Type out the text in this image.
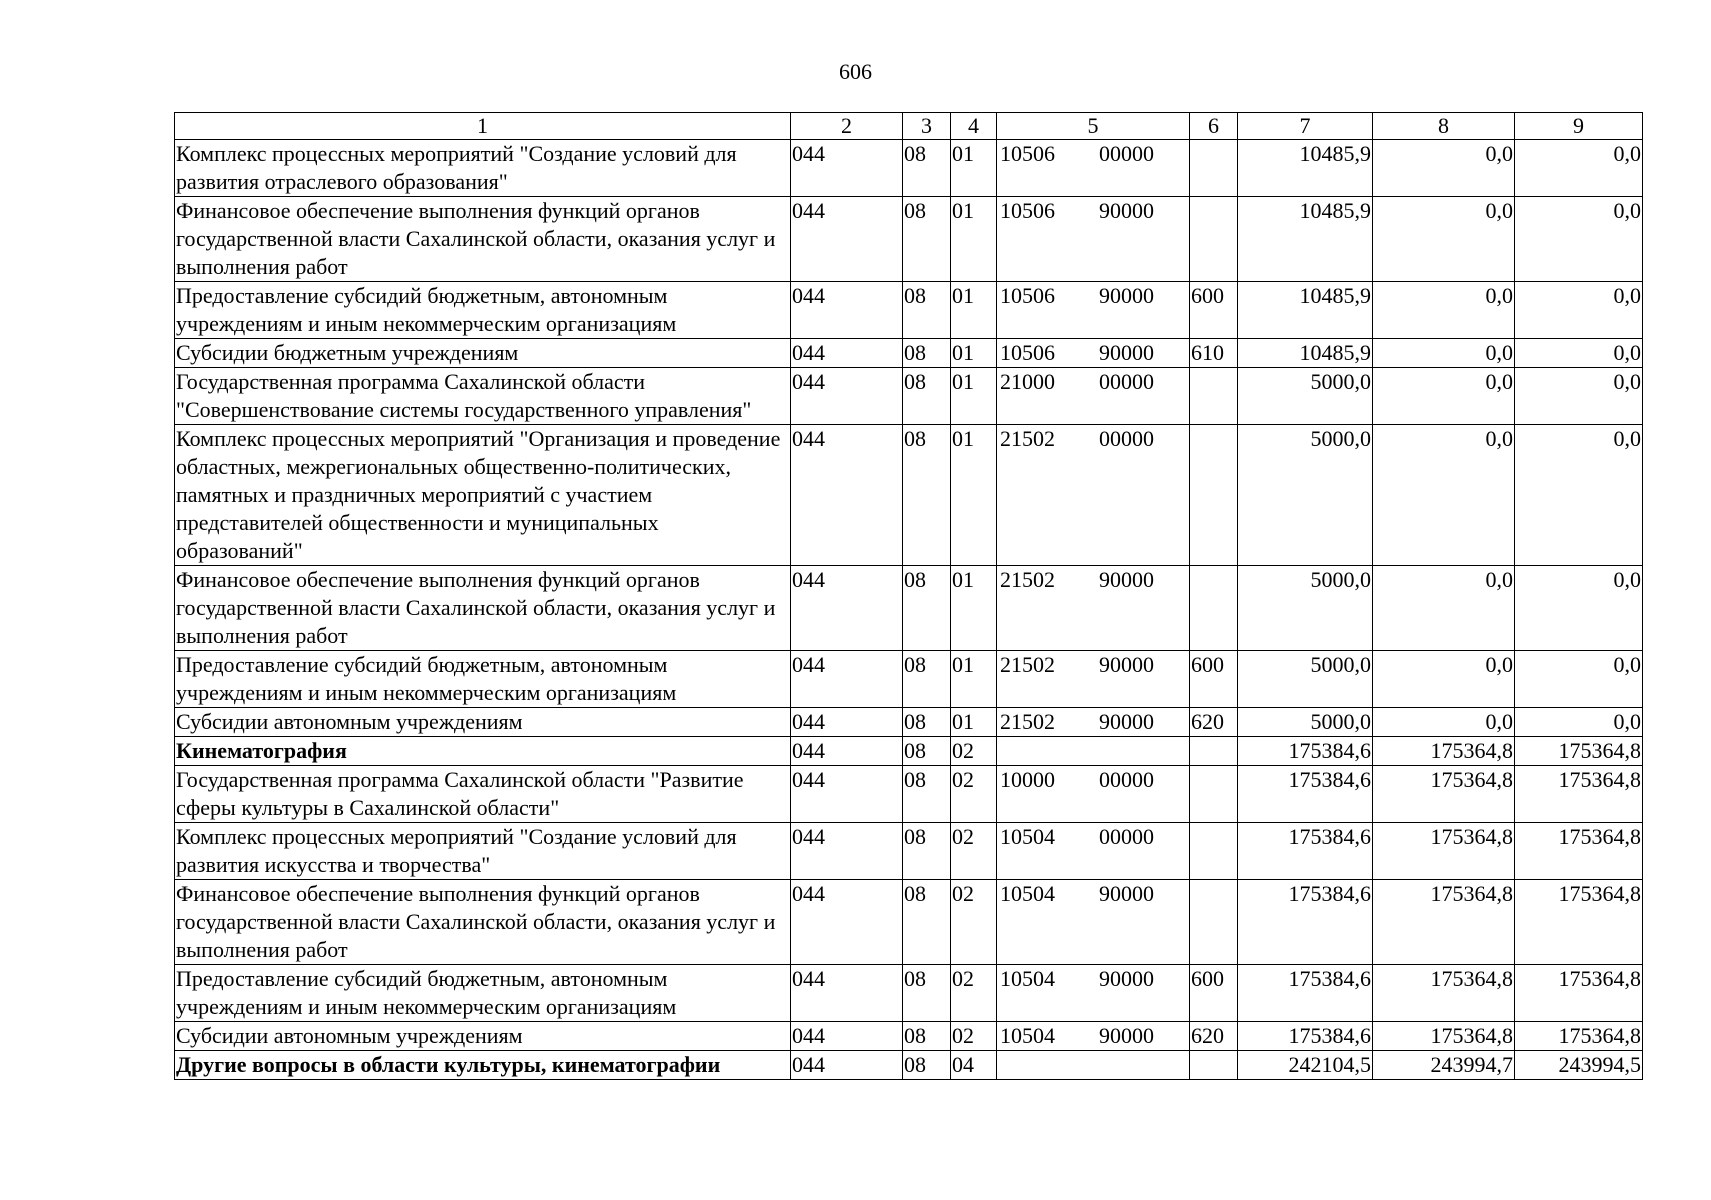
606
1	2	3	4	5	6	7	8	9
Комплекс процессных мероприятий "Создание условий для развития отраслевого образования"	044	08	01	10506 00000		10485,9	0,0	0,0
Финансовое обеспечение выполнения функций органов государственной власти Сахалинской области, оказания услуг и выполнения работ	044	08	01	10506 90000		10485,9	0,0	0,0
Предоставление субсидий бюджетным, автономным учреждениям и иным некоммерческим организациям	044	08	01	10506 90000	600	10485,9	0,0	0,0
Субсидии бюджетным учреждениям	044	08	01	10506 90000	610	10485,9	0,0	0,0
Государственная программа Сахалинской области "Совершенствование системы государственного управления"	044	08	01	21000 00000		5000,0	0,0	0,0
Комплекс процессных мероприятий "Организация и проведение областных, межрегиональных общественно-политических, памятных и праздничных мероприятий с участием представителей общественности и муниципальных образований"	044	08	01	21502 00000		5000,0	0,0	0,0
Финансовое обеспечение выполнения функций органов государственной власти Сахалинской области, оказания услуг и выполнения работ	044	08	01	21502 90000		5000,0	0,0	0,0
Предоставление субсидий бюджетным, автономным учреждениям и иным некоммерческим организациям	044	08	01	21502 90000	600	5000,0	0,0	0,0
Субсидии автономным учреждениям	044	08	01	21502 90000	620	5000,0	0,0	0,0
Кинематография	044	08	02			175384,6	175364,8	175364,8
Государственная программа Сахалинской области "Развитие сферы культуры в Сахалинской области"	044	08	02	10000 00000		175384,6	175364,8	175364,8
Комплекс процессных мероприятий "Создание условий для развития искусства и творчества"	044	08	02	10504 00000		175384,6	175364,8	175364,8
Финансовое обеспечение выполнения функций органов государственной власти Сахалинской области, оказания услуг и выполнения работ	044	08	02	10504 90000		175384,6	175364,8	175364,8
Предоставление субсидий бюджетным, автономным учреждениям и иным некоммерческим организациям	044	08	02	10504 90000	600	175384,6	175364,8	175364,8
Субсидии автономным учреждениям	044	08	02	10504 90000	620	175384,6	175364,8	175364,8
Другие вопросы в области культуры, кинематографии	044	08	04			242104,5	243994,7	243994,5
